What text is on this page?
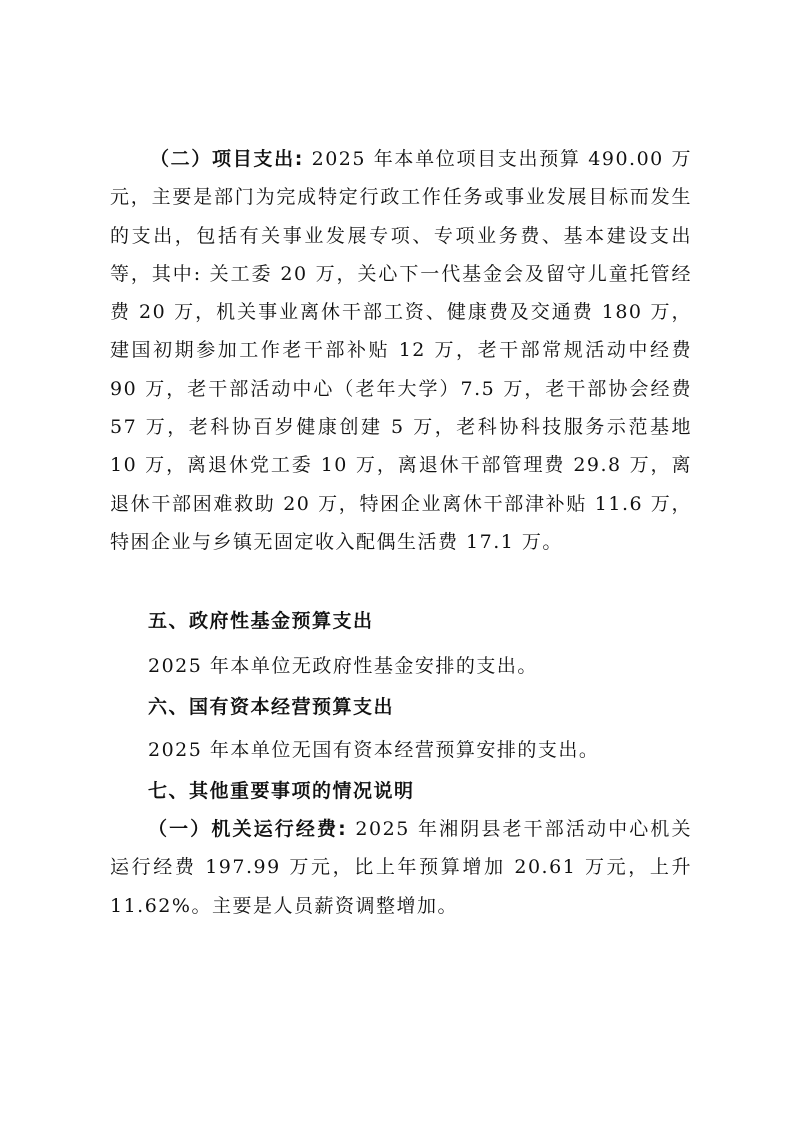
（二）项目支出: 2025 年本单位项目支出预算 490.00 万元，主要是部门为完成特定行政工作任务或事业发展目标而发生的支出，包括有关事业发展专项、专项业务费、基本建设支出等，其中: 关工委 20 万，关心下一代基金会及留守儿童托管经费 20 万，机关事业离休干部工资、健康费及交通费 180 万，建国初期参加工作老干部补贴 12 万，老干部常规活动中经费 90 万，老干部活动中心（老年大学）7.5 万，老干部协会经费 57 万，老科协百岁健康创建 5 万，老科协科技服务示范基地 10 万，离退休党工委 10 万，离退休干部管理费 29.8 万，离退休干部困难救助 20 万，特困企业离休干部津补贴 11.6 万，特困企业与乡镇无固定收入配偶生活费 17.1 万。

五、政府性基金预算支出

2025 年本单位无政府性基金安排的支出。

六、国有资本经营预算支出

2025 年本单位无国有资本经营预算安排的支出。

七、其他重要事项的情况说明

（一）机关运行经费: 2025 年湘阴县老干部活动中心机关运行经费 197.99 万元，比上年预算增加 20.61 万元，上升 11.62%。主要是人员薪资调整增加。
